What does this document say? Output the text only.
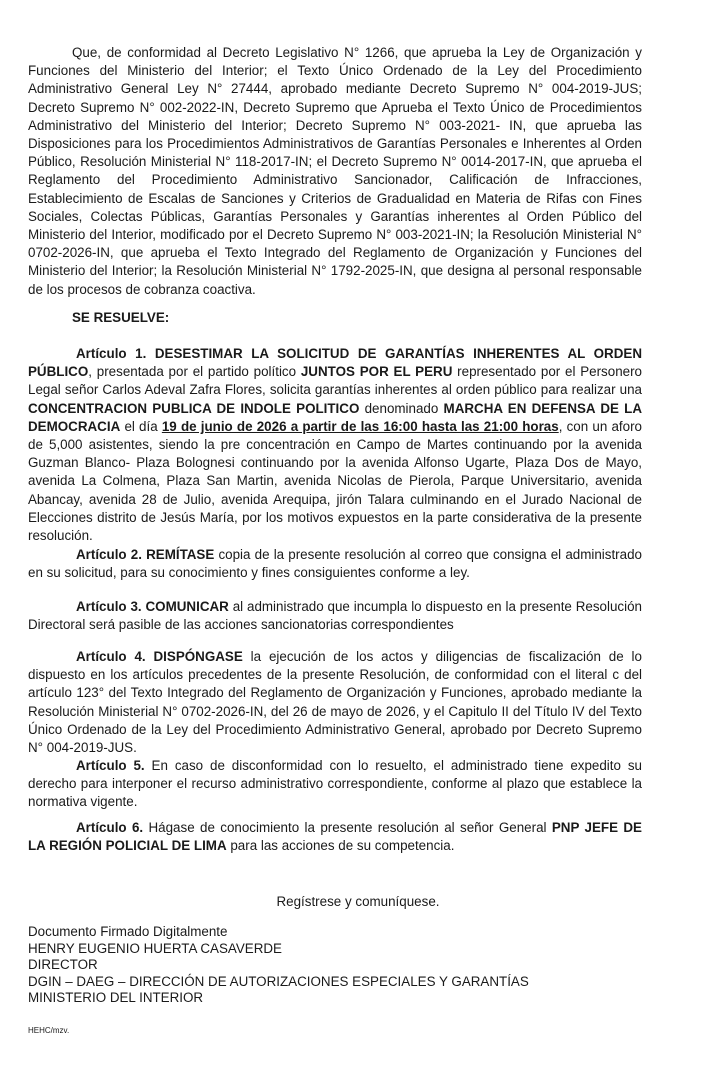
Que, de conformidad al Decreto Legislativo N° 1266, que aprueba la Ley de Organización y Funciones del Ministerio del Interior; el Texto Único Ordenado de la Ley del Procedimiento Administrativo General Ley N° 27444, aprobado mediante Decreto Supremo N° 004-2019-JUS; Decreto Supremo N° 002-2022-IN, Decreto Supremo que Aprueba el Texto Único de Procedimientos Administrativo del Ministerio del Interior; Decreto Supremo N° 003-2021- IN, que aprueba las Disposiciones para los Procedimientos Administrativos de Garantías Personales e Inherentes al Orden Público, Resolución Ministerial N° 118-2017-IN; el Decreto Supremo N° 0014-2017-IN, que aprueba el Reglamento del Procedimiento Administrativo Sancionador, Calificación de Infracciones, Establecimiento de Escalas de Sanciones y Criterios de Gradualidad en Materia de Rifas con Fines Sociales, Colectas Públicas, Garantías Personales y Garantías inherentes al Orden Público del Ministerio del Interior, modificado por el Decreto Supremo N° 003-2021-IN; la Resolución Ministerial N° 0702-2026-IN, que aprueba el Texto Integrado del Reglamento de Organización y Funciones del Ministerio del Interior; la Resolución Ministerial N° 1792-2025-IN, que designa al personal responsable de los procesos de cobranza coactiva.

SE RESUELVE:

Artículo 1. DESESTIMAR LA SOLICITUD DE GARANTÍAS INHERENTES AL ORDEN PÚBLICO, presentada por el partido político JUNTOS POR EL PERU representado por el Personero Legal señor Carlos Adeval Zafra Flores, solicita garantías inherentes al orden público para realizar una CONCENTRACION PUBLICA DE INDOLE POLITICO denominado MARCHA EN DEFENSA DE LA DEMOCRACIA el día 19 de junio de 2026 a partir de las 16:00 hasta las 21:00 horas, con un aforo de 5,000 asistentes, siendo la pre concentración en Campo de Martes continuando por la avenida Guzman Blanco- Plaza Bolognesi continuando por la avenida Alfonso Ugarte, Plaza Dos de Mayo, avenida La Colmena, Plaza San Martin, avenida Nicolas de Pierola, Parque Universitario, avenida Abancay, avenida 28 de Julio, avenida Arequipa, jirón Talara culminando en el Jurado Nacional de Elecciones distrito de Jesús María, por los motivos expuestos en la parte considerativa de la presente resolución.

Artículo 2. REMÍTASE copia de la presente resolución al correo que consigna el administrado en su solicitud, para su conocimiento y fines consiguientes conforme a ley.

Artículo 3. COMUNICAR al administrado que incumpla lo dispuesto en la presente Resolución Directoral será pasible de las acciones sancionatorias correspondientes

Artículo 4. DISPÓNGASE la ejecución de los actos y diligencias de fiscalización de lo dispuesto en los artículos precedentes de la presente Resolución, de conformidad con el literal c del artículo 123° del Texto Integrado del Reglamento de Organización y Funciones, aprobado mediante la Resolución Ministerial N° 0702-2026-IN, del 26 de mayo de 2026, y el Capitulo II del Título IV del Texto Único Ordenado de la Ley del Procedimiento Administrativo General, aprobado por Decreto Supremo N° 004-2019-JUS.

Artículo 5. En caso de disconformidad con lo resuelto, el administrado tiene expedito su derecho para interponer el recurso administrativo correspondiente, conforme al plazo que establece la normativa vigente.

Artículo 6. Hágase de conocimiento la presente resolución al señor General PNP JEFE DE LA REGIÓN POLICIAL DE LIMA para las acciones de su competencia.

Regístrese y comuníquese.
Documento Firmado Digitalmente
HENRY EUGENIO HUERTA CASAVERDE
DIRECTOR
DGIN – DAEG – DIRECCIÓN DE AUTORIZACIONES ESPECIALES Y GARANTÍAS
MINISTERIO DEL INTERIOR
HEHC/mzv.
